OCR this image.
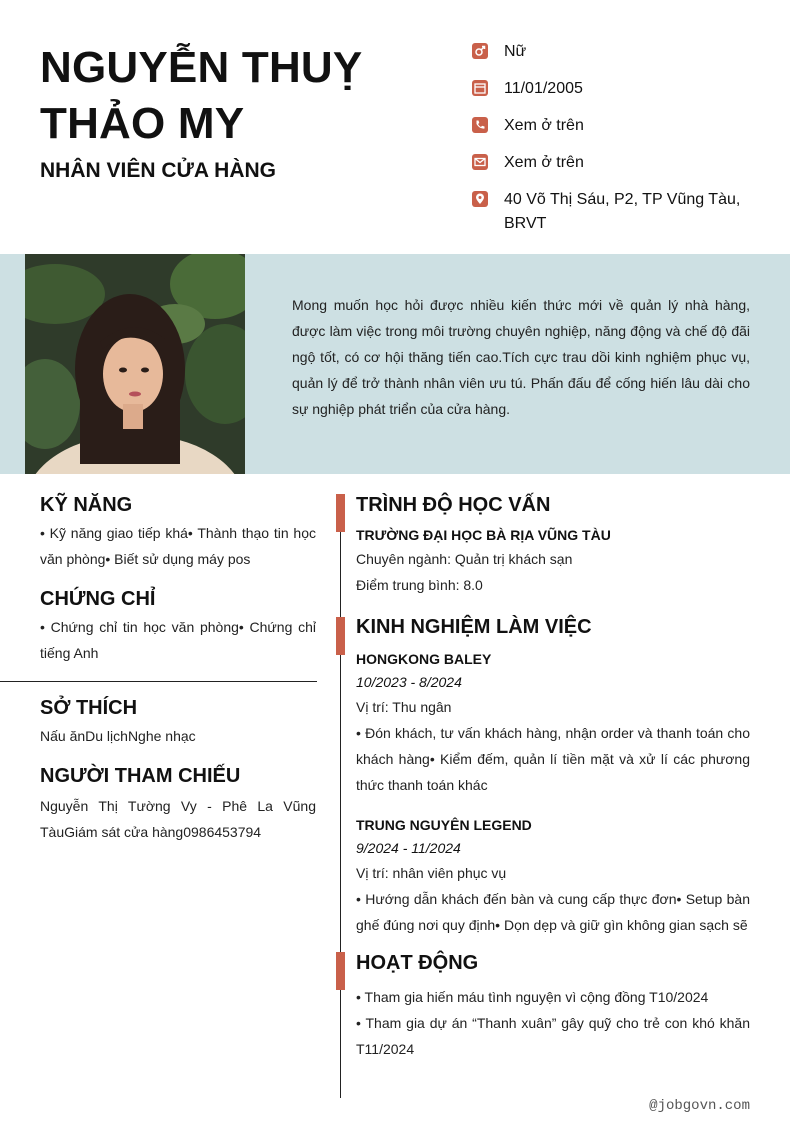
NGUYỄN THUỴ THẢO MY
NHÂN VIÊN CỬA HÀNG
Nữ
11/01/2005
Xem ở trên
Xem ở trên
40 Võ Thị Sáu, P2, TP Vũng Tàu, BRVT
Mong muốn học hỏi được nhiều kiến thức mới về quản lý nhà hàng, được làm việc trong môi trường chuyên nghiệp, năng động và chế độ đãi ngộ tốt, có cơ hội thăng tiến cao.Tích cực trau dồi kinh nghiệm phục vụ, quản lý để trở thành nhân viên ưu tú. Phấn đấu để cống hiến lâu dài cho sự nghiệp phát triển của cửa hàng.
KỸ NĂNG
• Kỹ năng giao tiếp khá• Thành thạo tin học văn phòng• Biết sử dụng máy pos
CHỨNG CHỈ
• Chứng chỉ tin học văn phòng• Chứng chỉ tiếng Anh
SỞ THÍCH
Nấu ănDu lịchNghe nhạc
NGƯỜI THAM CHIẾU
Nguyễn Thị Tường Vy - Phê La Vũng TàuGiám sát cửa hàng0986453794
TRÌNH ĐỘ HỌC VẤN
TRƯỜNG ĐẠI HỌC BÀ RỊA VŨNG TÀU
Chuyên ngành: Quản trị khách sạn
Điểm trung bình: 8.0
KINH NGHIỆM LÀM VIỆC
HONGKONG BALEY
10/2023 - 8/2024
Vị trí: Thu ngân
• Đón khách, tư vấn khách hàng, nhận order và thanh toán cho khách hàng• Kiểm đếm, quản lí tiền mặt và xử lí các phương thức thanh toán khác
TRUNG NGUYÊN LEGEND
9/2024 - 11/2024
Vị trí: nhân viên phục vụ
• Hướng dẫn khách đến bàn và cung cấp thực đơn• Setup bàn ghế đúng nơi quy định• Dọn dẹp và giữ gìn không gian sạch sẽ
HOẠT ĐỘNG
• Tham gia hiến máu tình nguyện vì cộng đồng T10/2024
• Tham gia dự án “Thanh xuân” gây quỹ cho trẻ con khó khăn T11/2024
@jobgovn.com
